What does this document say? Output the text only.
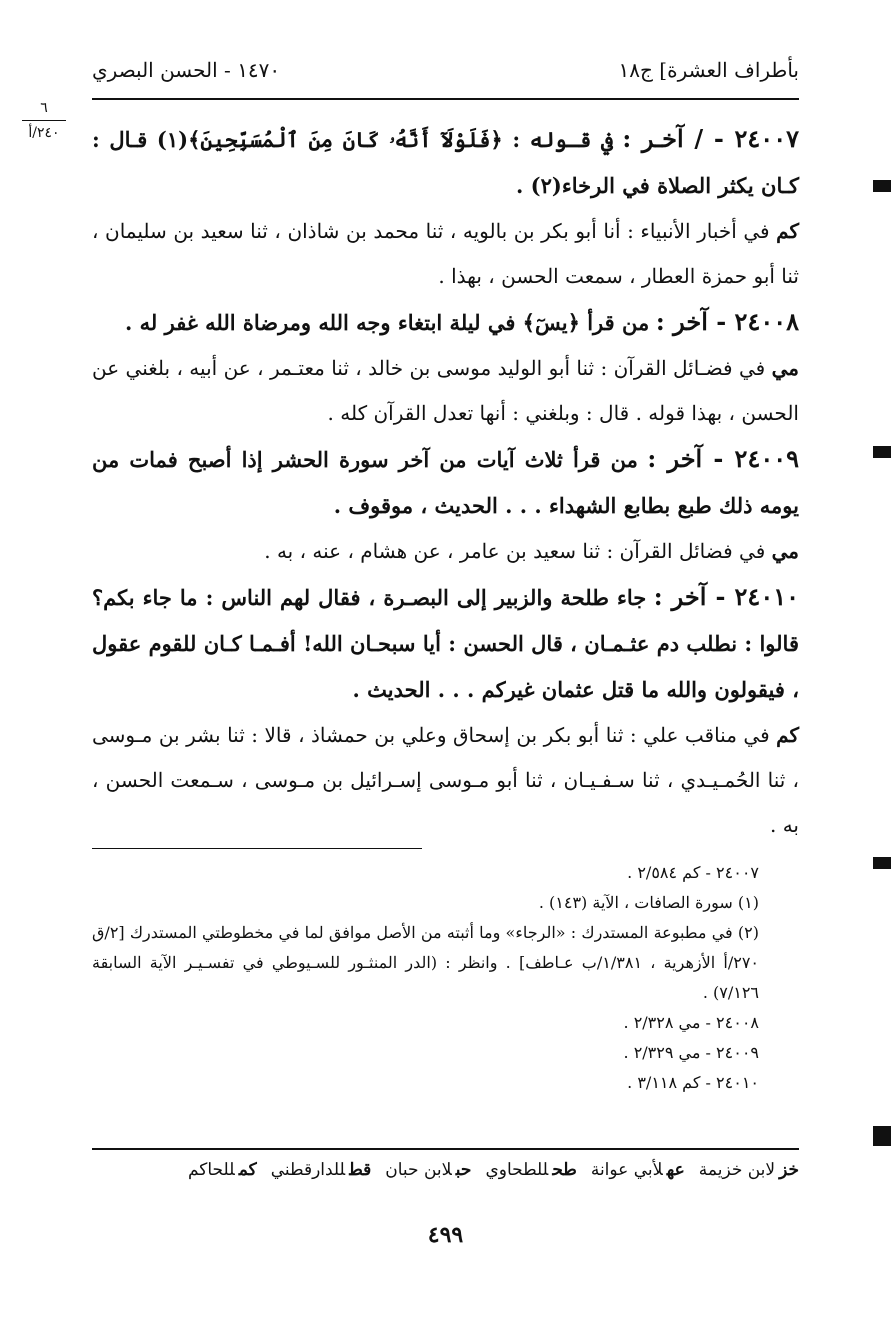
بأطراف العشرة] ج١٨
١٤٧٠ - الحسن البصري
٦
٢٤٠/أ	٢٤٠٠٧ - / آخـر : في قـوله : ﴿فَلَوْلَآ أَنَّهُۥ كَانَ مِنَ ٱلْمُسَبِّحِينَ﴾(١) قـال : كـان يكثر الصلاة في الرخاء(٢) .

كم في أخبار الأنبياء : أنا أبو بكر بن بالويه ، ثنا محمد بن شاذان ، ثنا سعيد بن سليمان ، ثنا أبو حمزة العطار ، سمعت الحسن ، بهذا .

٢٤٠٠٨ - آخر : من قرأ ﴿يسٓ﴾ في ليلة ابتغاء وجه الله ومرضاة الله غفر له .

مي في فضـائل القرآن : ثنا أبو الوليد موسى بن خالد ، ثنا معتـمر ، عن أبيه ، بلغني عن الحسن ، بهذا قوله . قال : وبلغني : أنها تعدل القرآن كله .

٢٤٠٠٩ - آخر : من قرأ ثلاث آيات من آخر سورة الحشر إذا أصبح فمات من يومه ذلك طبع بطابع الشهداء . . . الحديث ، موقوف .

مي في فضائل القرآن : ثنا سعيد بن عامر ، عن هشام ، عنه ، به .

٢٤٠١٠ - آخر : جاء طلحة والزبير إلى البصـرة ، فقال لهم الناس : ما جاء بكم؟ قالوا : نطلب دم عثـمـان ، قال الحسن : أيا سبحـان الله! أفـمـا كـان للقوم عقول ، فيقولون والله ما قتل عثمان غيركم . . . الحديث .

كم في مناقب علي : ثنا أبو بكر بن إسحاق وعلي بن حمشاذ ، قالا : ثنا بشر بن مـوسى ، ثنا الحُمـيـدي ، ثنا سـفـيـان ، ثنا أبو مـوسى إسـرائيل بن مـوسى ، سـمعت الحسن ، به .

٢٤٠٠٧ - كم ٢/٥٨٤ .

(١) سورة الصافات ، الآية (١٤٣) .

(٢) في مطبوعة المستدرك : «الرجاء» وما أثبته من الأصل موافق لما في مخطوطتي المستدرك [٢/ق ٢٧٠/أ الأزهرية ، ١/٣٨١/ب عـاطف] . وانظر : (الدر المنثـور للسـيوطي في تفسـيـر الآية السابقة ٧/١٢٦) .

٢٤٠٠٨ - مي ٢/٣٢٨ .

٢٤٠٠٩ - مي ٢/٣٢٩ .

٢٤٠١٠ - كم ٣/١١٨ .

خزلابن خزيمة
عهلأبي عوانة
طحللطحاوي
حبلابن حبان
قطللدارقطني
كمللحاكم
٤٩٩
